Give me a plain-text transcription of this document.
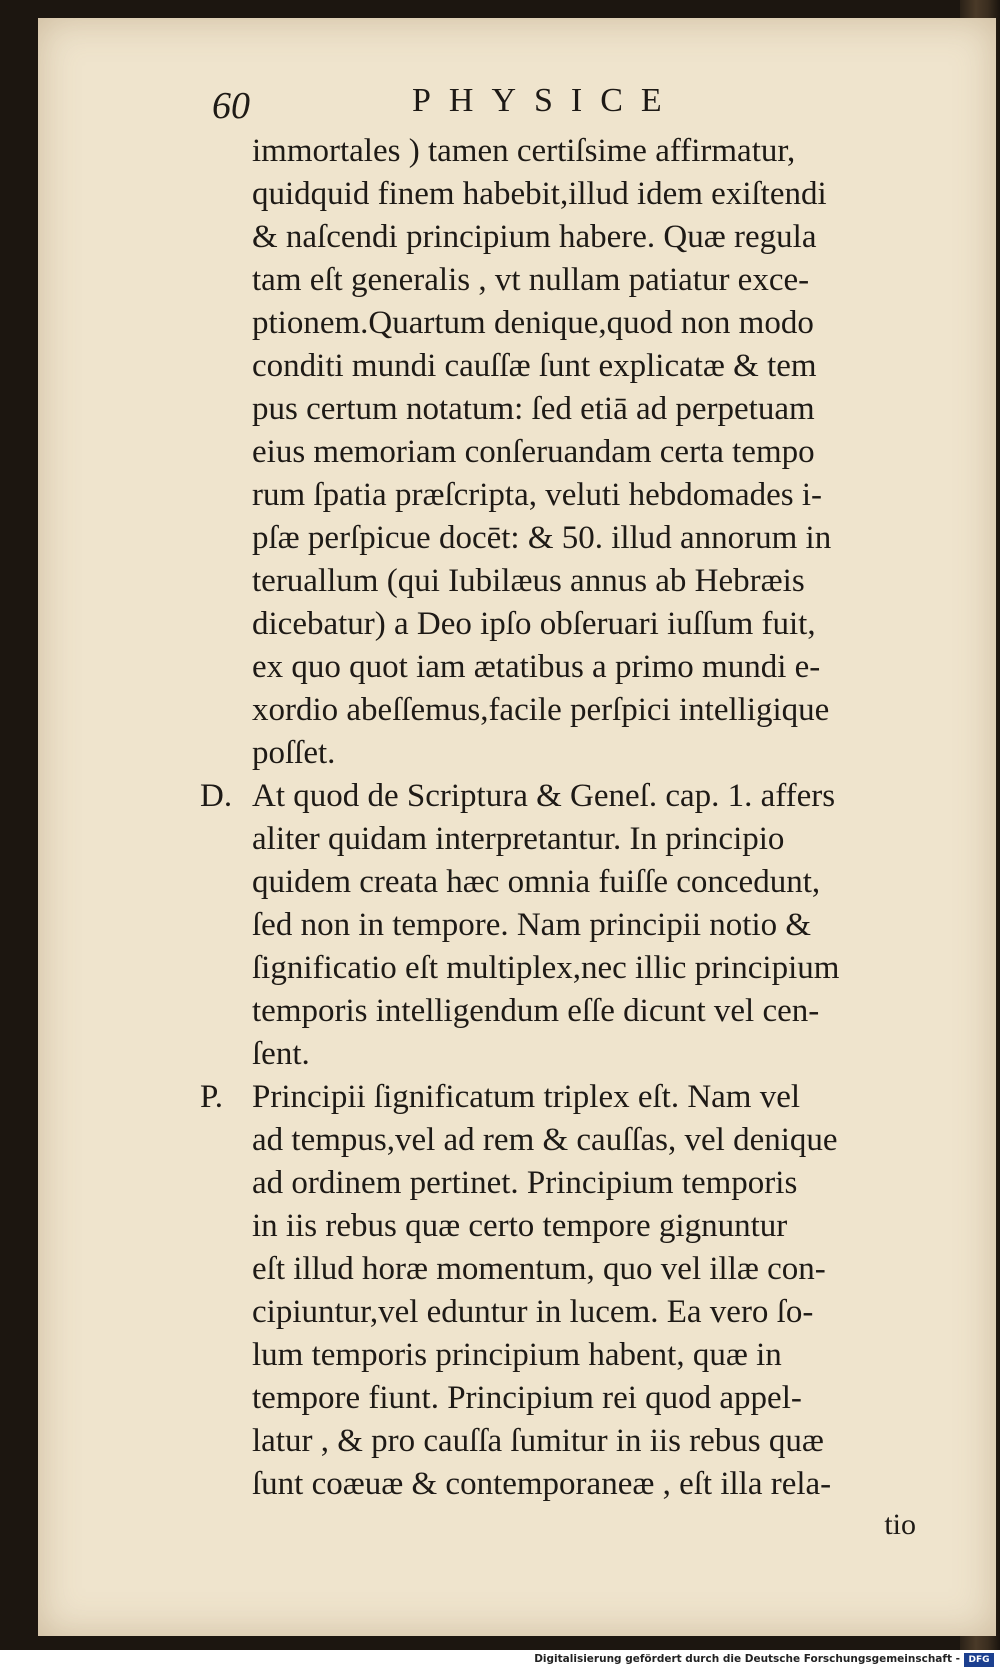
60	PHYSICE
immortales ) tamen certiſsime affirmatur,
quidquid finem habebit,illud idem exiſtendi
& naſcendi principium habere. Quæ regula
tam eſt generalis , vt nullam patiatur exce-
ptionem.Quartum denique,quod non modo
conditi mundi cauſſæ ſunt explicatæ & tem
pus certum notatum: ſed etiā ad perpetuam
eius memoriam conſeruandam certa tempo
rum ſpatia præſcripta, veluti hebdomades i-
pſæ perſpicue docēt: & 50. illud annorum in
teruallum (qui Iubilæus annus ab Hebræis
dicebatur) a Deo ipſo obſeruari iuſſum fuit,
ex quo quot iam ætatibus a primo mundi e-
xordio abeſſemus,facile perſpici intelligique
poſſet.
D. At quod de Scriptura & Geneſ. cap. 1. affers
aliter quidam interpretantur. In principio
quidem creata hæc omnia fuiſſe concedunt,
ſed non in tempore. Nam principii notio &
ſignificatio eſt multiplex,nec illic principium
temporis intelligendum eſſe dicunt vel cen-
ſent.
P. Principii ſignificatum triplex eſt. Nam vel
ad tempus,vel ad rem & cauſſas, vel denique
ad ordinem pertinet. Principium temporis
in iis rebus quæ certo tempore gignuntur
eſt illud horæ momentum, quo vel illæ con-
cipiuntur,vel eduntur in lucem. Ea vero ſo-
lum temporis principium habent, quæ in
tempore fiunt. Principium rei quod appel-
latur , & pro cauſſa ſumitur in iis rebus quæ
ſunt coæuæ & contemporaneæ , eſt illa rela-
tio
Digitalisierung gefördert durch die Deutsche Forschungsgemeinschaft - DFG
